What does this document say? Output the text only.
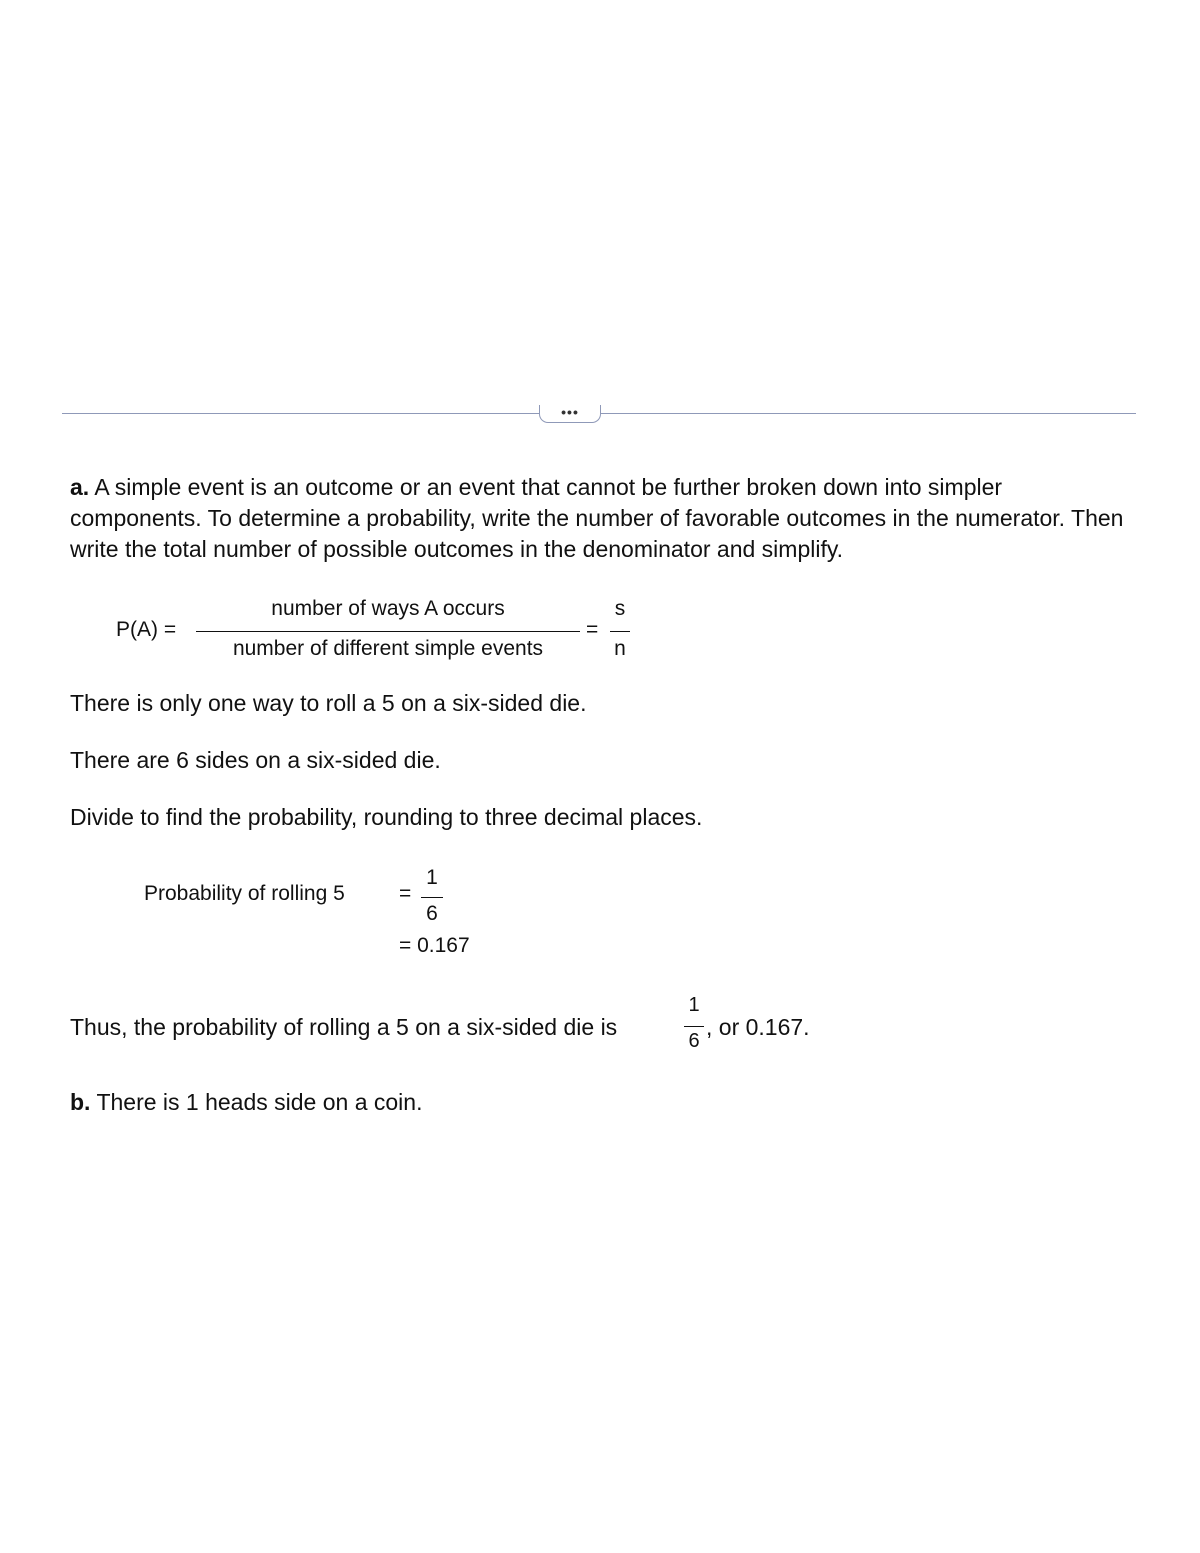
•••

a. A simple event is an outcome or an event that cannot be further broken down into simpler components. To determine a probability, write the number of favorable outcomes in the numerator. Then write the total number of possible outcomes in the denominator and simplify.

P(A) =
number of ways A occurs
number of different simple events
=
s
n

There is only one way to roll a 5 on a six-sided die.

There are 6 sides on a six-sided die.

Divide to find the probability, rounding to three decimal places.

Probability of rolling 5	=
1
6
= 0.167
Thus, the probability of rolling a 5 on a six-sided die is
1
6
, or 0.167.

b. There is 1 heads side on a coin.
